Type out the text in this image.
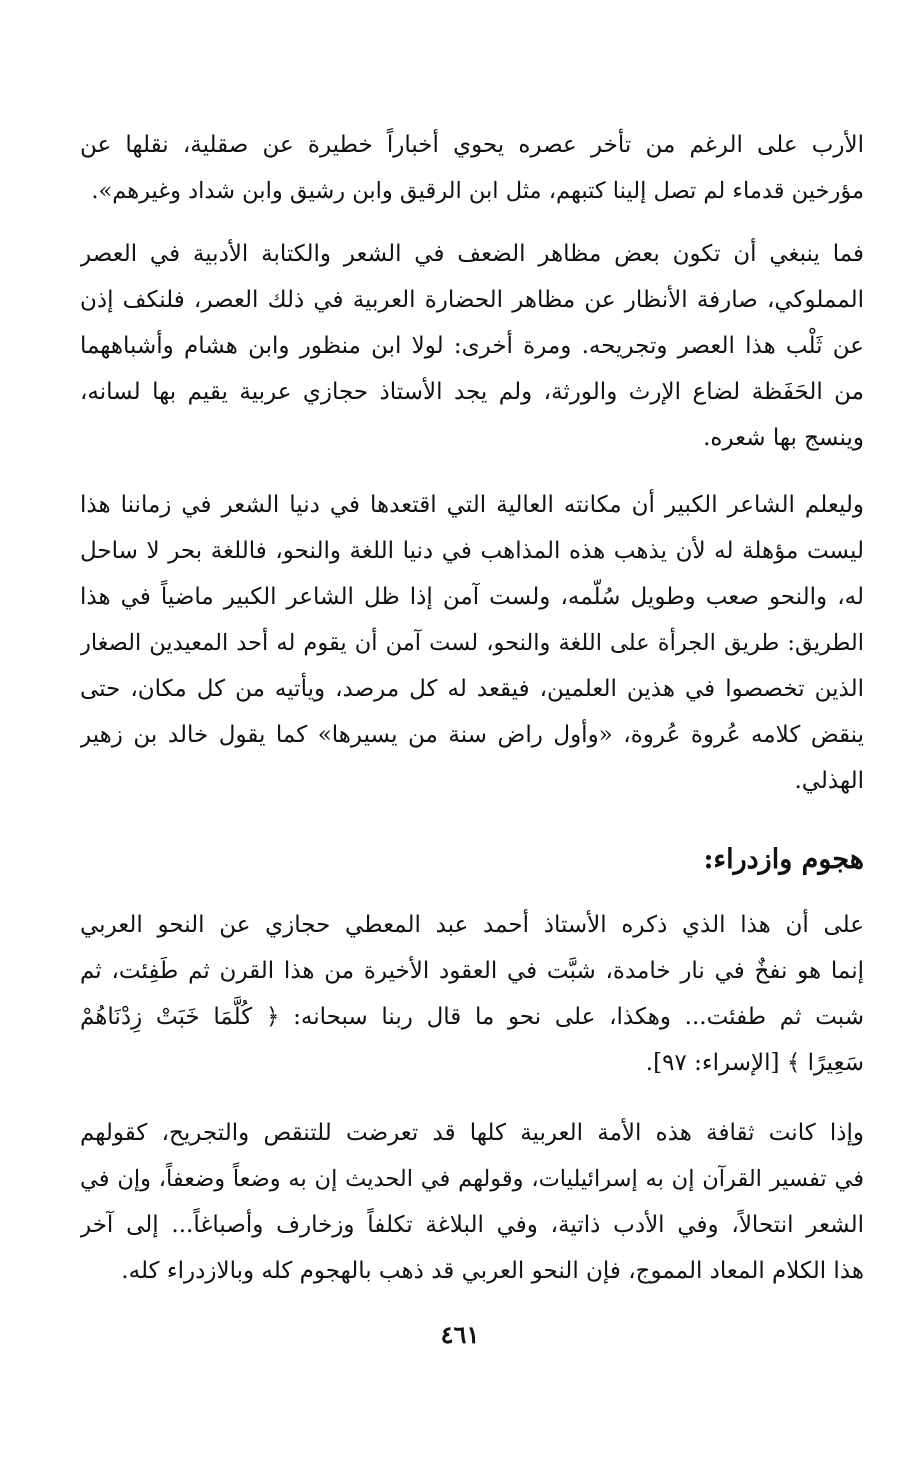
الأرب على الرغم من تأخر عصره يحوي أخباراً خطيرة عن صقلية، نقلها عن
مؤرخين قدماء لم تصل إلينا كتبهم، مثل ابن الرقيق وابن رشيق وابن شداد وغيرهم».
فما ينبغي أن تكون بعض مظاهر الضعف في الشعر والكتابة الأدبية في العصر
المملوكي، صارفة الأنظار عن مظاهر الحضارة العربية في ذلك العصر، فلنكف إذن
عن ثَلْب هذا العصر وتجريحه. ومرة أخرى: لولا ابن منظور وابن هشام وأشباههما
من الحَفَظة لضاع الإرث والورثة، ولم يجد الأستاذ حجازي عربية يقيم بها لسانه،
وينسج بها شعره.
وليعلم الشاعر الكبير أن مكانته العالية التي اقتعدها في دنيا الشعر في زماننا هذا
ليست مؤهلة له لأن يذهب هذه المذاهب في دنيا اللغة والنحو، فاللغة بحر لا ساحل
له، والنحو صعب وطويل سُلّمه، ولست آمن إذا ظل الشاعر الكبير ماضياً في هذا
الطريق: طريق الجرأة على اللغة والنحو، لست آمن أن يقوم له أحد المعيدين الصغار
الذين تخصصوا في هذين العلمين، فيقعد له كل مرصد، ويأتيه من كل مكان، حتى
ينقض كلامه عُروة عُروة، «وأول راض سنة من يسيرها» كما يقول خالد بن زهير
الهذلي.
هجوم وازدراء:
على أن هذا الذي ذكره الأستاذ أحمد عبد المعطي حجازي عن النحو العربي
إنما هو نفخٌ في نار خامدة، شبَّت في العقود الأخيرة من هذا القرن ثم طَفِئت، ثم
شبت ثم طفئت... وهكذا، على نحو ما قال ربنا سبحانه: ﴿ كُلَّمَا خَبَتْ زِدْنَاهُمْ
سَعِيرًا ﴾ [الإسراء: ٩٧].
وإذا كانت ثقافة هذه الأمة العربية كلها قد تعرضت للتنقص والتجريح، كقولهم
في تفسير القرآن إن به إسرائيليات، وقولهم في الحديث إن به وضعاً وضعفاً، وإن في
الشعر انتحالاً، وفي الأدب ذاتية، وفي البلاغة تكلفاً وزخارف وأصباغاً... إلى آخر
هذا الكلام المعاد المموج، فإن النحو العربي قد ذهب بالهجوم كله وبالازدراء كله.
٤٦١
